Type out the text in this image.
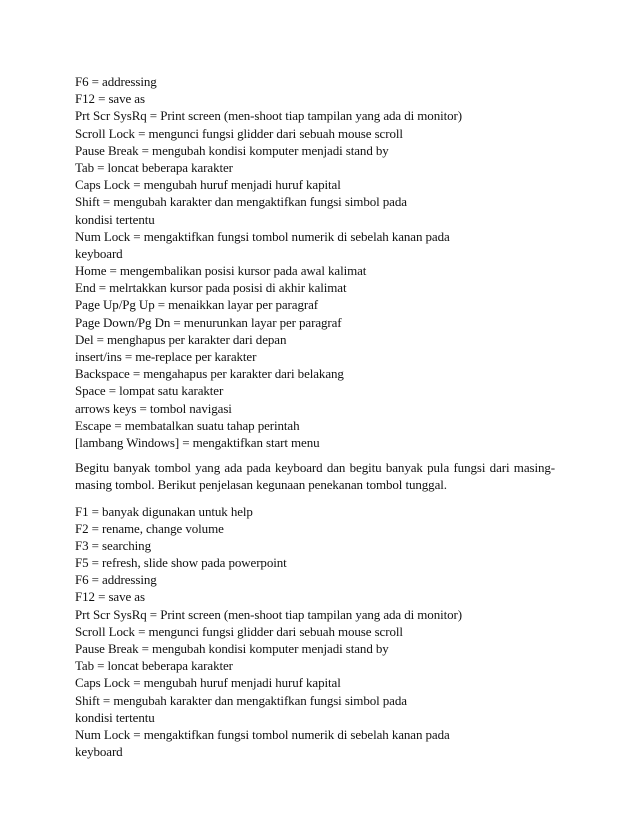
F6 = addressing
F12 = save as
Prt Scr SysRq = Print screen (men-shoot tiap tampilan yang ada di monitor)
Scroll Lock = mengunci fungsi glidder dari sebuah mouse scroll
Pause Break = mengubah kondisi komputer menjadi stand by
Tab = loncat beberapa karakter
Caps Lock = mengubah huruf menjadi huruf kapital
Shift = mengubah karakter dan mengaktifkan fungsi simbol pada
kondisi tertentu
Num Lock = mengaktifkan fungsi tombol numerik di sebelah kanan pada
keyboard
Home = mengembalikan posisi kursor pada awal kalimat
End = melrtakkan kursor pada posisi di akhir kalimat
Page Up/Pg Up = menaikkan layar per paragraf
Page Down/Pg Dn = menurunkan layar per paragraf
Del = menghapus per karakter dari depan
insert/ins = me-replace per karakter
Backspace = mengahapus per karakter dari belakang
Space = lompat satu karakter
arrows keys = tombol navigasi
Escape = membatalkan suatu tahap perintah
[lambang Windows] = mengaktifkan start menu
Begitu banyak tombol yang ada pada keyboard dan begitu banyak pula fungsi dari masing-masing tombol. Berikut penjelasan kegunaan penekanan tombol tunggal.
F1 = banyak digunakan untuk help
F2 = rename, change volume
F3 = searching
F5 = refresh, slide show pada powerpoint
F6 = addressing
F12 = save as
Prt Scr SysRq = Print screen (men-shoot tiap tampilan yang ada di monitor)
Scroll Lock = mengunci fungsi glidder dari sebuah mouse scroll
Pause Break = mengubah kondisi komputer menjadi stand by
Tab = loncat beberapa karakter
Caps Lock = mengubah huruf menjadi huruf kapital
Shift = mengubah karakter dan mengaktifkan fungsi simbol pada
kondisi tertentu
Num Lock = mengaktifkan fungsi tombol numerik di sebelah kanan pada
keyboard
